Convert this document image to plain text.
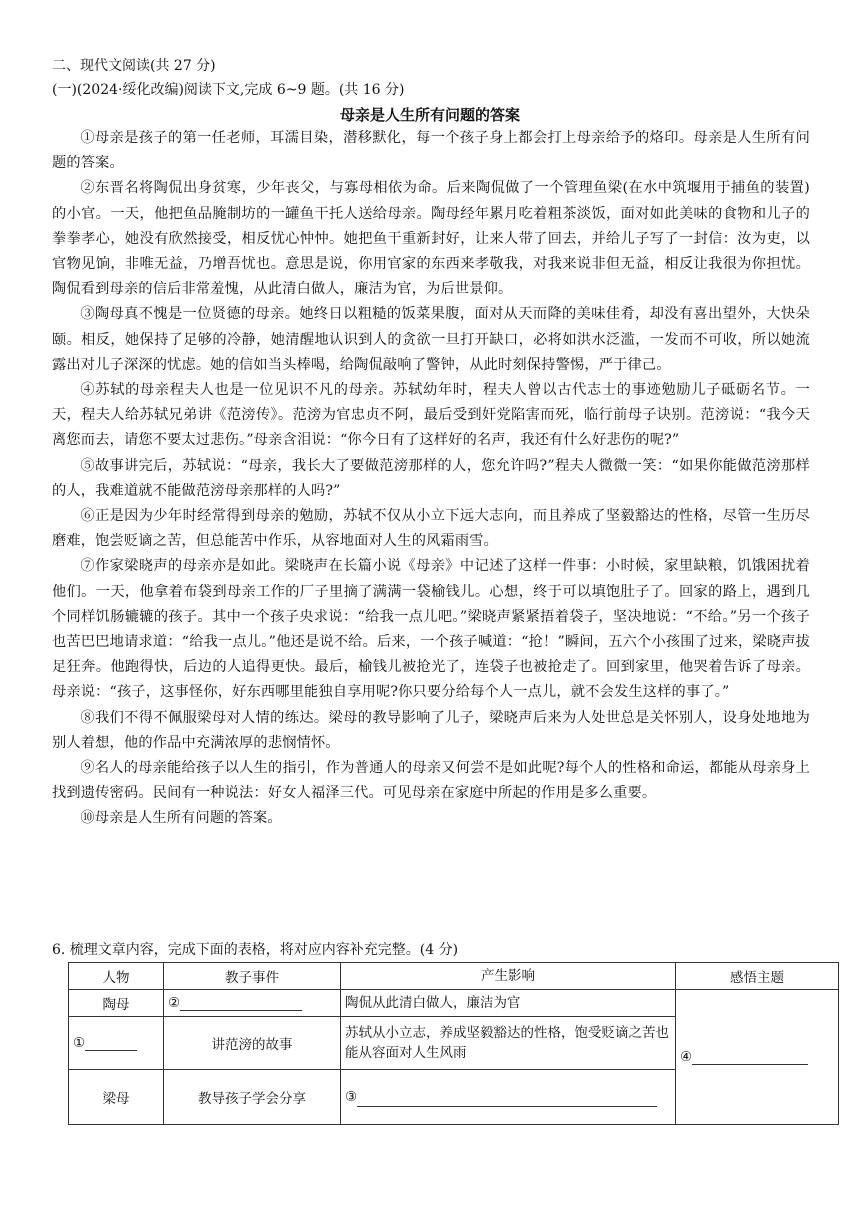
二、现代文阅读(共 27 分)
(一)(2024·绥化改编)阅读下文,完成 6~9 题。(共 16 分)
母亲是人生所有问题的答案

①母亲是孩子的第一任老师，耳濡目染，潜移默化，每一个孩子身上都会打上母亲给予的烙印。母亲是人生所有问题的答案。

②东晋名将陶侃出身贫寒，少年丧父，与寡母相依为命。后来陶侃做了一个管理鱼梁(在水中筑堰用于捕鱼的装置)的小官。一天，他把鱼品腌制坊的一罐鱼干托人送给母亲。陶母经年累月吃着粗茶淡饭，面对如此美味的食物和儿子的拳拳孝心，她没有欣然接受，相反忧心忡忡。她把鱼干重新封好，让来人带了回去，并给儿子写了一封信：汝为吏，以官物见饷，非唯无益，乃增吾忧也。意思是说，你用官家的东西来孝敬我，对我来说非但无益，相反让我很为你担忧。陶侃看到母亲的信后非常羞愧，从此清白做人，廉洁为官，为后世景仰。

③陶母真不愧是一位贤德的母亲。她终日以粗糙的饭菜果腹，面对从天而降的美味佳肴，却没有喜出望外，大快朵颐。相反，她保持了足够的冷静，她清醒地认识到人的贪欲一旦打开缺口，必将如洪水泛滥，一发而不可收，所以她流露出对儿子深深的忧虑。她的信如当头棒喝，给陶侃敲响了警钟，从此时刻保持警惕，严于律己。

④苏轼的母亲程夫人也是一位见识不凡的母亲。苏轼幼年时，程夫人曾以古代志士的事迹勉励儿子砥砺名节。一天，程夫人给苏轼兄弟讲《范滂传》。范滂为官忠贞不阿，最后受到奸党陷害而死，临行前母子诀别。范滂说：“我今天离您而去，请您不要太过悲伤。”母亲含泪说：“你今日有了这样好的名声，我还有什么好悲伤的呢?”

⑤故事讲完后，苏轼说：“母亲，我长大了要做范滂那样的人，您允许吗?”程夫人微微一笑：“如果你能做范滂那样的人，我难道就不能做范滂母亲那样的人吗?”

⑥正是因为少年时经常得到母亲的勉励，苏轼不仅从小立下远大志向，而且养成了坚毅豁达的性格，尽管一生历尽磨难，饱尝贬谪之苦，但总能苦中作乐，从容地面对人生的风霜雨雪。

⑦作家梁晓声的母亲亦是如此。梁晓声在长篇小说《母亲》中记述了这样一件事：小时候，家里缺粮，饥饿困扰着他们。一天，他拿着布袋到母亲工作的厂子里摘了满满一袋榆钱儿。心想，终于可以填饱肚子了。回家的路上，遇到几个同样饥肠辘辘的孩子。其中一个孩子央求说：“给我一点儿吧。”梁晓声紧紧捂着袋子，坚决地说：“不给。”另一个孩子也苦巴巴地请求道：“给我一点儿。”他还是说不给。后来，一个孩子喊道：“抢！”瞬间，五六个小孩围了过来，梁晓声拔足狂奔。他跑得快，后边的人追得更快。最后，榆钱儿被抢光了，连袋子也被抢走了。回到家里，他哭着告诉了母亲。母亲说：“孩子，这事怪你，好东西哪里能独自享用呢?你只要分给每个人一点儿，就不会发生这样的事了。”

⑧我们不得不佩服梁母对人情的练达。梁母的教导影响了儿子，梁晓声后来为人处世总是关怀别人，设身处地地为别人着想，他的作品中充满浓厚的悲悯情怀。

⑨名人的母亲能给孩子以人生的指引，作为普通人的母亲又何尝不是如此呢?每个人的性格和命运，都能从母亲身上找到遗传密码。民间有一种说法：好女人福泽三代。可见母亲在家庭中所起的作用是多么重要。

⑩母亲是人生所有问题的答案。

6. 梳理文章内容，完成下面的表格，将对应内容补充完整。(4 分)
人物	教子事件	产生影响	感悟主题
陶母	②	陶侃从此清白做人，廉洁为官	④
①	讲范滂的故事	苏轼从小立志，养成坚毅豁达的性格，饱受贬谪之苦也能从容面对人生风雨	
梁母	教导孩子学会分享	③	
